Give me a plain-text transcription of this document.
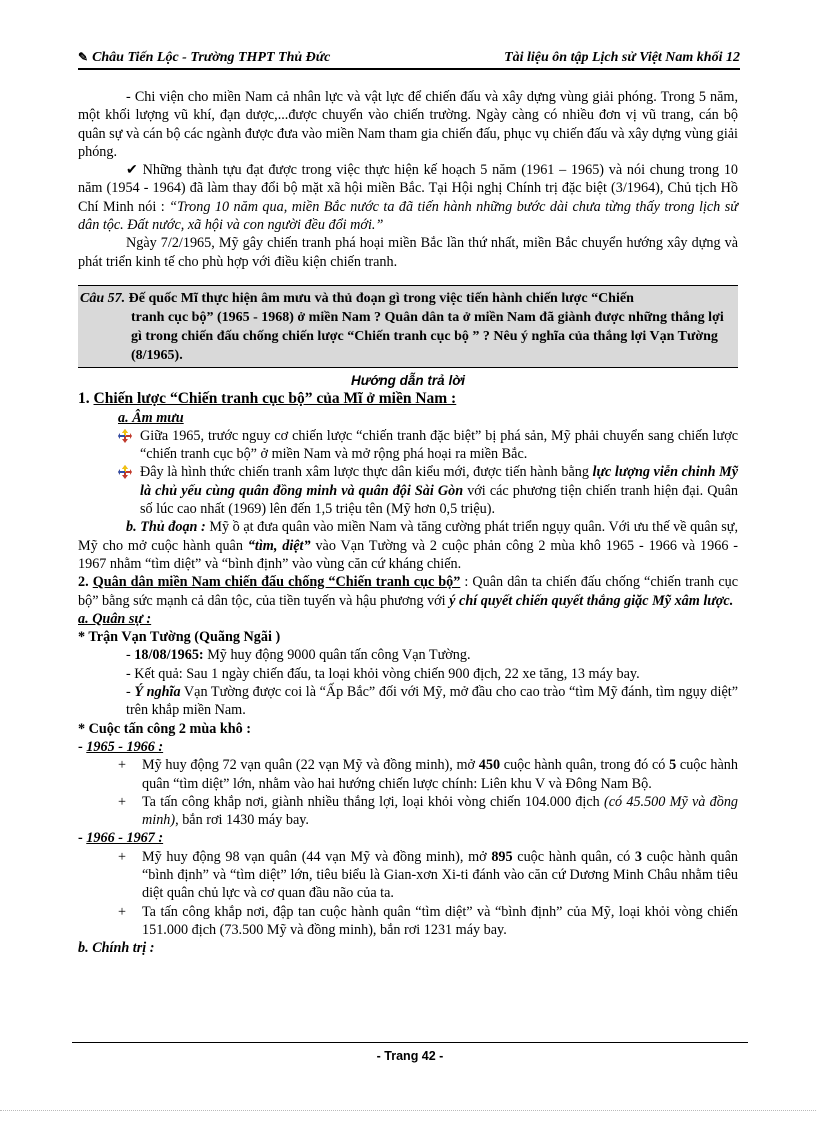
✎ Châu Tiến Lộc - Trường THPT Thủ Đức	Tài liệu ôn tập Lịch sử Việt Nam khối 12

- Chi viện cho miền Nam cả nhân lực và vật lực để chiến đấu và xây dựng vùng giải phóng. Trong 5 năm, một khối lượng vũ khí, đạn dược,...được chuyển vào chiến trường. Ngày càng có nhiều đơn vị vũ trang, cán bộ quân sự và cán bộ các ngành được đưa vào miền Nam tham gia chiến đấu, phục vụ chiến đấu và xây dựng vùng giải phóng.

✔ Những thành tựu đạt được trong việc thực hiện kế hoạch 5 năm (1961 – 1965) và nói chung trong 10 năm (1954 - 1964) đã làm thay đổi bộ mặt xã hội miền Bắc. Tại Hội nghị Chính trị đặc biệt (3/1964), Chủ tịch Hồ Chí Minh nói : “Trong 10 năm qua, miền Bắc nước ta đã tiến hành những bước dài chưa từng thấy trong lịch sử dân tộc. Đất nước, xã hội và con người đều đổi mới.”

Ngày 7/2/1965, Mỹ gây chiến tranh phá hoại miền Bắc lần thứ nhất, miền Bắc chuyển hướng xây dựng và phát triển kinh tế cho phù hợp với điều kiện chiến tranh.

Câu 57. Đế quốc Mĩ thực hiện âm mưu và thủ đoạn gì trong việc tiến hành chiến lược “Chiến
tranh cục bộ” (1965 - 1968) ở miền Nam ? Quân dân ta ở miền Nam đã giành được những thắng lợi gì trong chiến đấu chống chiến lược “Chiến tranh cục bộ ” ? Nêu ý nghĩa của thắng lợi Vạn Tường (8/1965).
Hướng dẫn trả lời
1. Chiến lược “Chiến tranh cục bộ” của Mĩ ở miền Nam :
a. Âm mưu

Giữa 1965, trước nguy cơ chiến lược “chiến tranh đặc biệt” bị phá sản, Mỹ phải chuyển sang chiến lược “chiến tranh cục bộ” ở miền Nam và mở rộng phá hoại ra miền Bắc.

Đây là hình thức chiến tranh xâm lược thực dân kiểu mới, được tiến hành bằng lực lượng viễn chinh Mỹ là chủ yếu cùng quân đồng minh và quân đội Sài Gòn với các phương tiện chiến tranh hiện đại. Quân số lúc cao nhất (1969) lên đến 1,5 triệu tên (Mỹ hơn 0,5 triệu).

b. Thủ đoạn : Mỹ ồ ạt đưa quân vào miền Nam và tăng cường phát triển ngụy quân. Với ưu thế về quân sự, Mỹ cho mở cuộc hành quân “tìm, diệt” vào Vạn Tường và 2 cuộc phản công 2 mùa khô 1965 - 1966 và 1966 - 1967 nhằm “tìm diệt” và “bình định” vào vùng căn cứ kháng chiến.

2. Quân dân miền Nam chiến đấu chống “Chiến tranh cục bộ” : Quân dân ta chiến đấu chống “chiến tranh cục bộ” bằng sức mạnh cả dân tộc, của tiền tuyến và hậu phương với ý chí quyết chiến quyết thắng giặc Mỹ xâm lược.

a. Quân sự :
* Trận Vạn Tường (Quãng Ngãi )
- 18/08/1965: Mỹ huy động 9000 quân tấn công Vạn Tường.
- Kết quả: Sau 1 ngày chiến đấu, ta loại khỏi vòng chiến 900 địch, 22 xe tăng, 13 máy bay.

- Ý nghĩa Vạn Tường được coi là “Ấp Bắc” đối với Mỹ, mở đầu cho cao trào “tìm Mỹ đánh, tìm ngụy diệt” trên khắp miền Nam.

* Cuộc tấn công 2 mùa khô :
- 1965 - 1966 :
+	Mỹ huy động 72 vạn quân (22 vạn Mỹ và đồng minh), mở 450 cuộc hành quân, trong đó có 5 cuộc hành quân “tìm diệt” lớn, nhằm vào hai hướng chiến lược chính: Liên khu V và Đông Nam Bộ.

+	Ta tấn công khắp nơi, giành nhiều thắng lợi, loại khỏi vòng chiến 104.000 địch (có 45.500 Mỹ và đồng minh), bắn rơi 1430 máy bay.

- 1966 - 1967 :
+	Mỹ huy động 98 vạn quân (44 vạn Mỹ và đồng minh), mở 895 cuộc hành quân, có 3 cuộc hành quân “bình định” và “tìm diệt” lớn, tiêu biểu là Gian-xơn Xi-ti đánh vào căn cứ Dương Minh Châu nhằm tiêu diệt quân chủ lực và cơ quan đầu não của ta.

+	Ta tấn công khắp nơi, đập tan cuộc hành quân “tìm diệt” và “bình định” của Mỹ, loại khỏi vòng chiến 151.000 địch (73.500 Mỹ và đồng minh), bắn rơi 1231 máy bay.

b. Chính trị :
- Trang 42 -
